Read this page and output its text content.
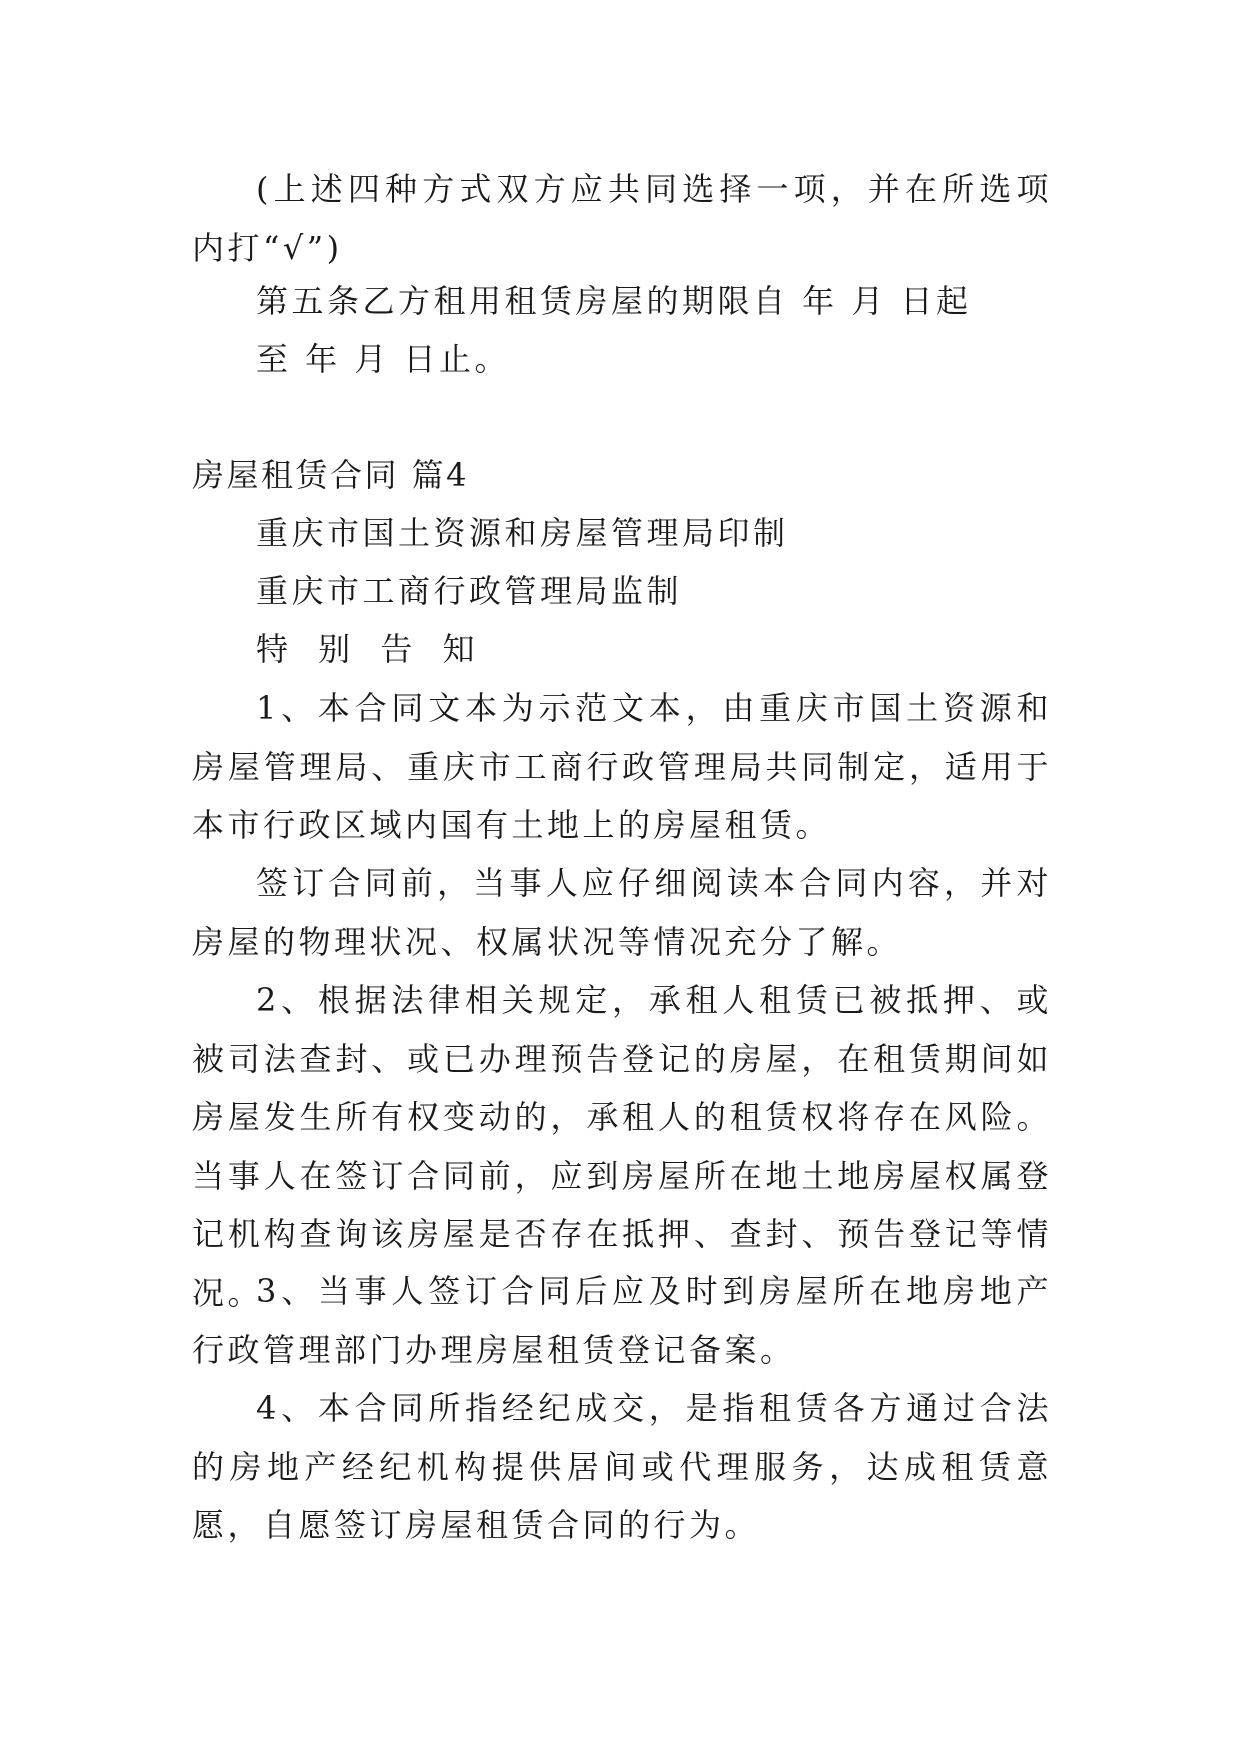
(上述四种方式双方应共同选择一项，并在所选项内打“√”)

第五条乙方租用租赁房屋的期限自 年 月 日起

至 年 月 日止。

房屋租赁合同 篇4

重庆市国土资源和房屋管理局印制

重庆市工商行政管理局监制

特 别 告 知

1、本合同文本为示范文本，由重庆市国土资源和房屋管理局、重庆市工商行政管理局共同制定，适用于本市行政区域内国有土地上的房屋租赁。

签订合同前，当事人应仔细阅读本合同内容，并对房屋的物理状况、权属状况等情况充分了解。

2、根据法律相关规定，承租人租赁已被抵押、或被司法查封、或已办理预告登记的房屋，在租赁期间如房屋发生所有权变动的，承租人的租赁权将存在风险。当事人在签订合同前，应到房屋所在地土地房屋权属登记机构查询该房屋是否存在抵押、查封、预告登记等情况。

3、当事人签订合同后应及时到房屋所在地房地产行政管理部门办理房屋租赁登记备案。

4、本合同所指经纪成交，是指租赁各方通过合法的房地产经纪机构提供居间或代理服务，达成租赁意愿，自愿签订房屋租赁合同的行为。
